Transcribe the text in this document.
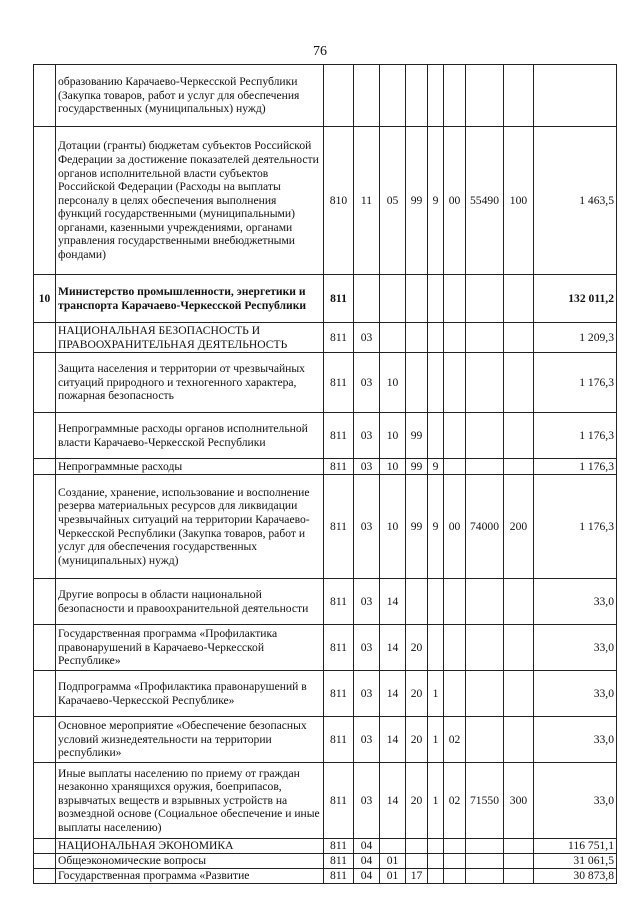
76
	образованию Карачаево-Черкесской Республики (Закупка товаров, работ и услуг для обеспечения государственных (муниципальных) нужд)									
	Дотации (гранты) бюджетам субъектов Российской Федерации за достижение показателей деятельности органов исполнительной власти субъектов Российской Федерации (Расходы на выплаты персоналу в целях обеспечения выполнения функций государственными (муниципальными) органами, казенными учреждениями, органами управления государственными внебюджетными фондами)	810	11	05	99	9	00	55490	100	1 463,5
10	Министерство промышленности, энергетики и транспорта Карачаево-Черкесской Республики	811								132 011,2
	НАЦИОНАЛЬНАЯ БЕЗОПАСНОСТЬ И ПРАВООХРАНИТЕЛЬНАЯ ДЕЯТЕЛЬНОСТЬ	811	03							1 209,3
	Защита населения и территории от чрезвычайных ситуаций природного и техногенного характера, пожарная безопасность	811	03	10						1 176,3
	Непрограммные расходы органов исполнительной власти Карачаево-Черкесской Республики	811	03	10	99					1 176,3
	Непрограммные расходы	811	03	10	99	9				1 176,3
	Создание, хранение, использование и восполнение резерва материальных ресурсов для ликвидации чрезвычайных ситуаций на территории Карачаево-Черкесской Республики (Закупка товаров, работ и услуг для обеспечения государственных (муниципальных) нужд)	811	03	10	99	9	00	74000	200	1 176,3
	Другие вопросы в области национальной безопасности и правоохранительной деятельности	811	03	14						33,0
	Государственная программа «Профилактика правонарушений в Карачаево-Черкесской Республике»	811	03	14	20					33,0
	Подпрограмма «Профилактика правонарушений в Карачаево-Черкесской Республике»	811	03	14	20	1				33,0
	Основное мероприятие «Обеспечение безопасных условий жизнедеятельности на территории республики»	811	03	14	20	1	02			33,0
	Иные выплаты населению по приему от граждан незаконно хранящихся оружия, боеприпасов, взрывчатых веществ и взрывных устройств на возмездной основе (Социальное обеспечение и иные выплаты населению)	811	03	14	20	1	02	71550	300	33,0
	НАЦИОНАЛЬНАЯ ЭКОНОМИКА	811	04							116 751,1
	Общеэкономические вопросы	811	04	01						31 061,5
	Государственная программа «Развитие	811	04	01	17					30 873,8
